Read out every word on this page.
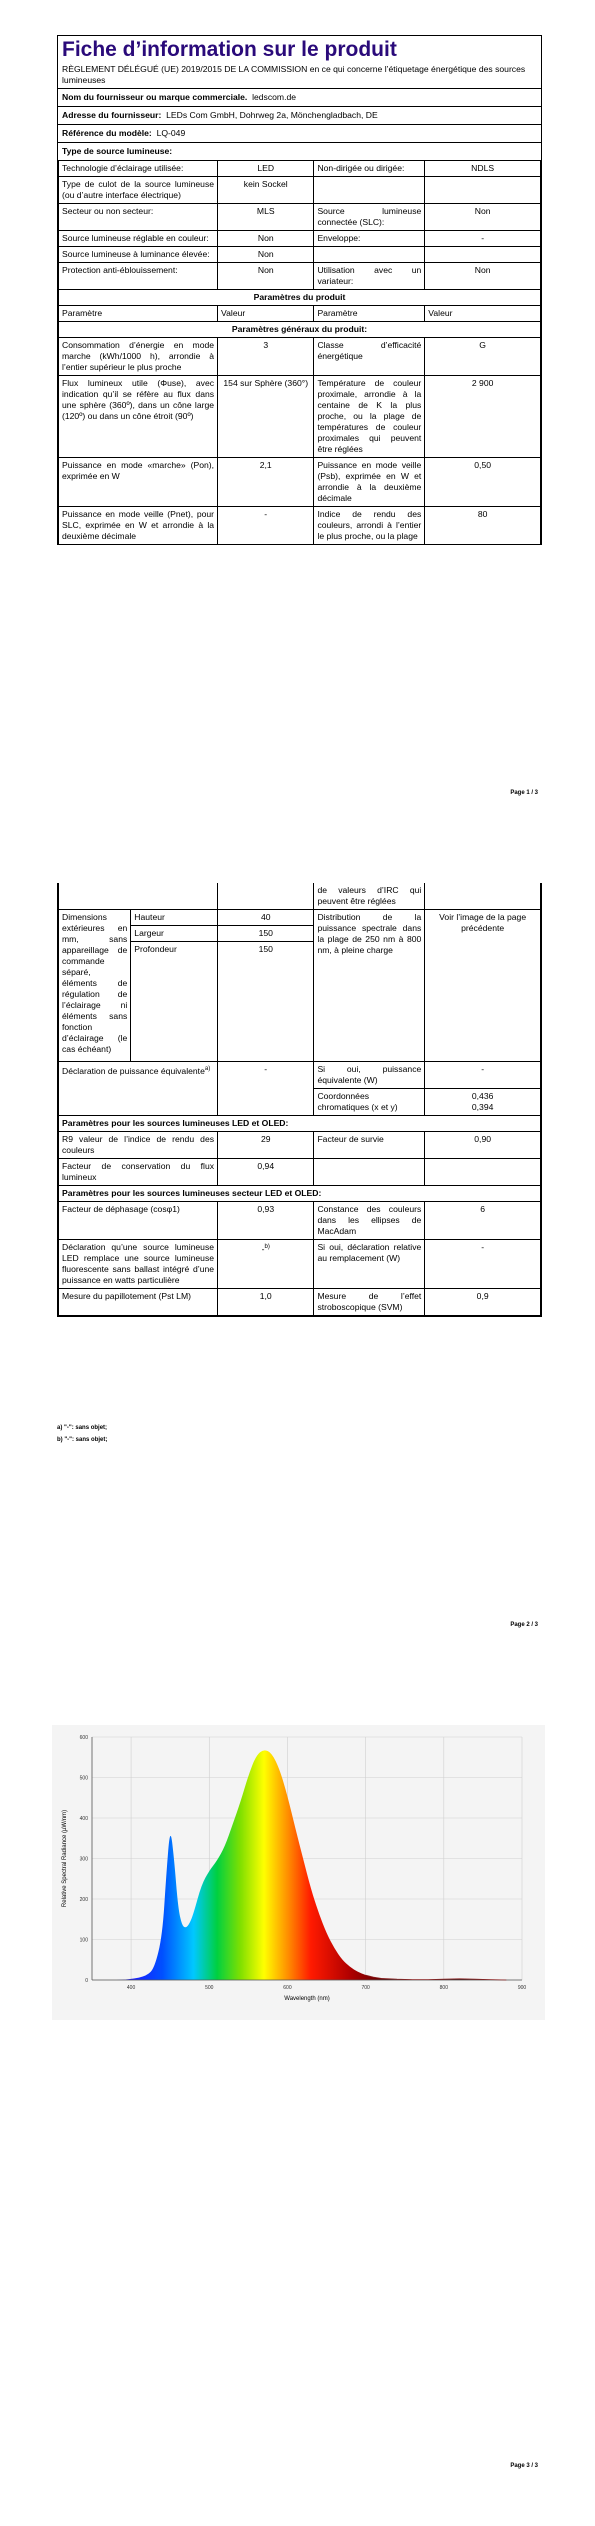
Fiche d’information sur le produit
RÈGLEMENT DÉLÉGUÉ (UE) 2019/2015 DE LA COMMISSION en ce qui concerne l’étiquetage énergétique des sources lumineuses
Nom du fournisseur ou marque commerciale. ledscom.de
Adresse du fournisseur: LEDs Com GmbH, Dohrweg 2a, Mönchengladbach, DE
Référence du modèle: LQ-049
Type de source lumineuse:
Technologie d’éclairage utilisée:	LED	Non-dirigée ou dirigée:	NDLS
Type de culot de la source lumineuse (ou d’autre interface électrique)	kein Sockel		
Secteur ou non secteur:	MLS	Source lumineuse connectée (SLC):	Non
Source lumineuse réglable en couleur:	Non	Enveloppe:	-
Source lumineuse à luminance élevée:	Non		
Protection anti-éblouissement:	Non	Utilisation avec un variateur:	Non
Paramètres du produit			
Paramètre	Valeur	Paramètre	Valeur
Paramètres généraux du produit:			
Consommation d’énergie en mode marche (kWh/1000 h), arrondie à l’entier supérieur le plus proche	3	Classe d’efficacité énergétique	G
Flux lumineux utile (Φuse), avec indication qu’il se réfère au flux dans une sphère (360º), dans un cône large (120º) ou dans un cône étroit (90º)	154 sur Sphère (360°)	Température de couleur proximale, arrondie à la centaine de K la plus proche, ou la plage de températures de couleur proximales qui peuvent être réglées	2 900
Puissance en mode «marche» (Pon), exprimée en W	2,1	Puissance en mode veille (Psb), exprimée en W et arrondie à la deuxième décimale	0,50
Puissance en mode veille (Pnet), pour SLC, exprimée en W et arrondie à la deuxième décimale	-	Indice de rendu des couleurs, arrondi à l’entier le plus proche, ou la plage	80
Page 1 / 3
			de valeurs d’IRC qui peuvent être réglées	
Dimensions extérieures en mm, sans appareillage de commande séparé, éléments de régulation de l’éclairage ni éléments sans fonction d’éclairage (le cas échéant)	Hauteur	40	Distribution de la puissance spectrale dans la plage de 250 nm à 800 nm, à pleine charge	Voir l’image de la page précédente
	Largeur	150		
	Profondeur	150		
Déclaration de puissance équivalente$^{a)}$		-	Si oui, puissance équivalente (W)	-
			Coordonnées chromatiques (x et y)	0,436
0,394

Paramètres pour les sources lumineuses LED et OLED:				
R9 valeur de l’indice de rendu des couleurs		29	Facteur de survie	0,90
Facteur de conservation du flux lumineux		0,94		
Paramètres pour les sources lumineuses secteur LED et OLED:				
Facteur de déphasage (cosφ1)		0,93	Constance des couleurs dans les ellipses de MacAdam	6
Déclaration qu’une source lumineuse LED remplace une source lumineuse fluorescente sans ballast intégré d’une puissance en watts particulière		-$^{b)}$	Si oui, déclaration relative au remplacement (W)	-
Mesure du papillotement (Pst LM)		1,0	Mesure de l’effet stroboscopique (SVM)	0,9
a) "-": sans objet;
b) "-": sans objet;
Page 2 / 3
400	500	600	700	800	900
0
100
200
300
400
500
600
Wavelength (nm)
Relative Spectral Radiance (µW/nm)
Page 3 / 3
